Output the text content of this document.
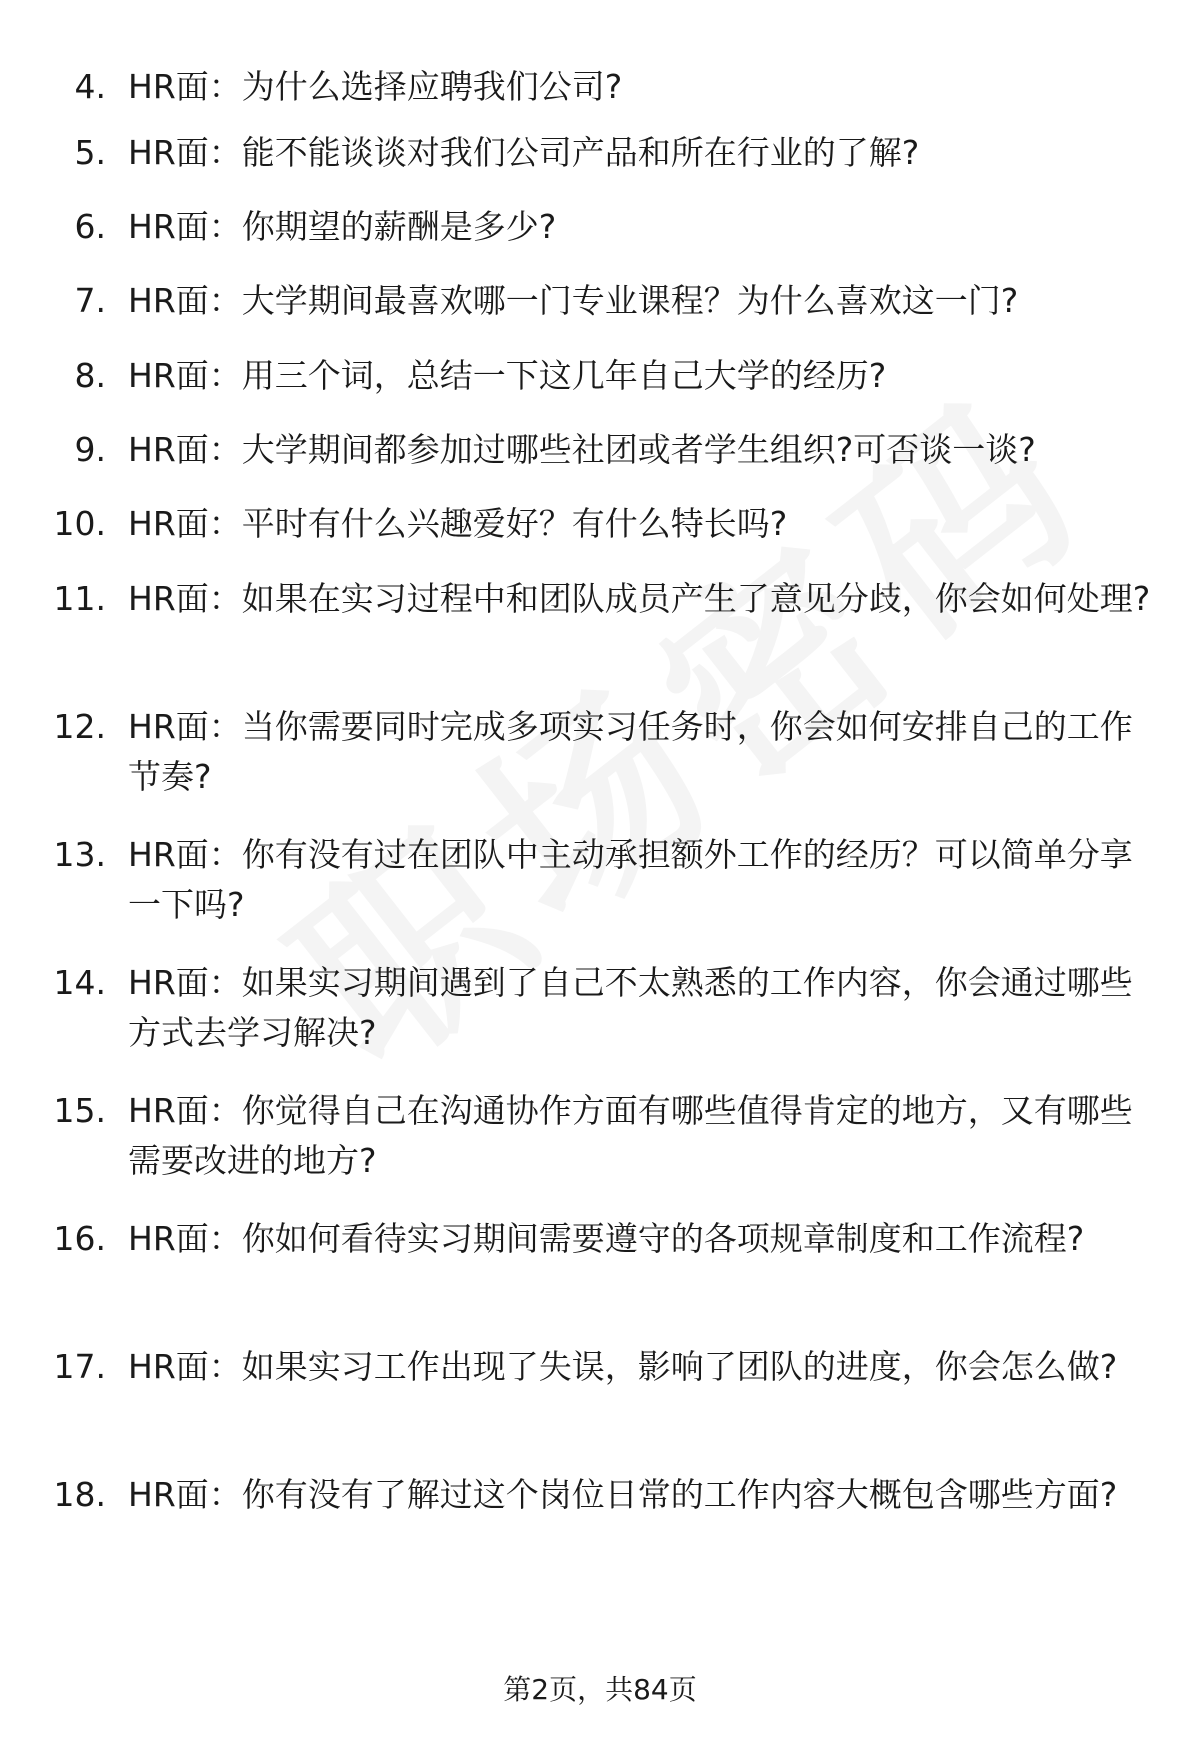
4. HR面：为什么选择应聘我们公司?
5. HR面：能不能谈谈对我们公司产品和所在行业的了解?
6. HR面：你期望的薪酬是多少?
7. HR面：大学期间最喜欢哪一门专业课程？为什么喜欢这一门?
8. HR面：用三个词，总结一下这几年自己大学的经历?
9. HR面：大学期间都参加过哪些社团或者学生组织?可否谈一谈?
10. HR面：平时有什么兴趣爱好？有什么特长吗?
11. HR面：如果在实习过程中和团队成员产生了意见分歧，你会如何处理?
12. HR面：当你需要同时完成多项实习任务时，你会如何安排自己的工作节奏?
13. HR面：你有没有过在团队中主动承担额外工作的经历？可以简单分享一下吗?
14. HR面：如果实习期间遇到了自己不太熟悉的工作内容，你会通过哪些方式去学习解决?
15. HR面：你觉得自己在沟通协作方面有哪些值得肯定的地方，又有哪些需要改进的地方?
16. HR面：你如何看待实习期间需要遵守的各项规章制度和工作流程?
17. HR面：如果实习工作出现了失误，影响了团队的进度，你会怎么做?
18. HR面：你有没有了解过这个岗位日常的工作内容大概包含哪些方面?
第2页，共84页
